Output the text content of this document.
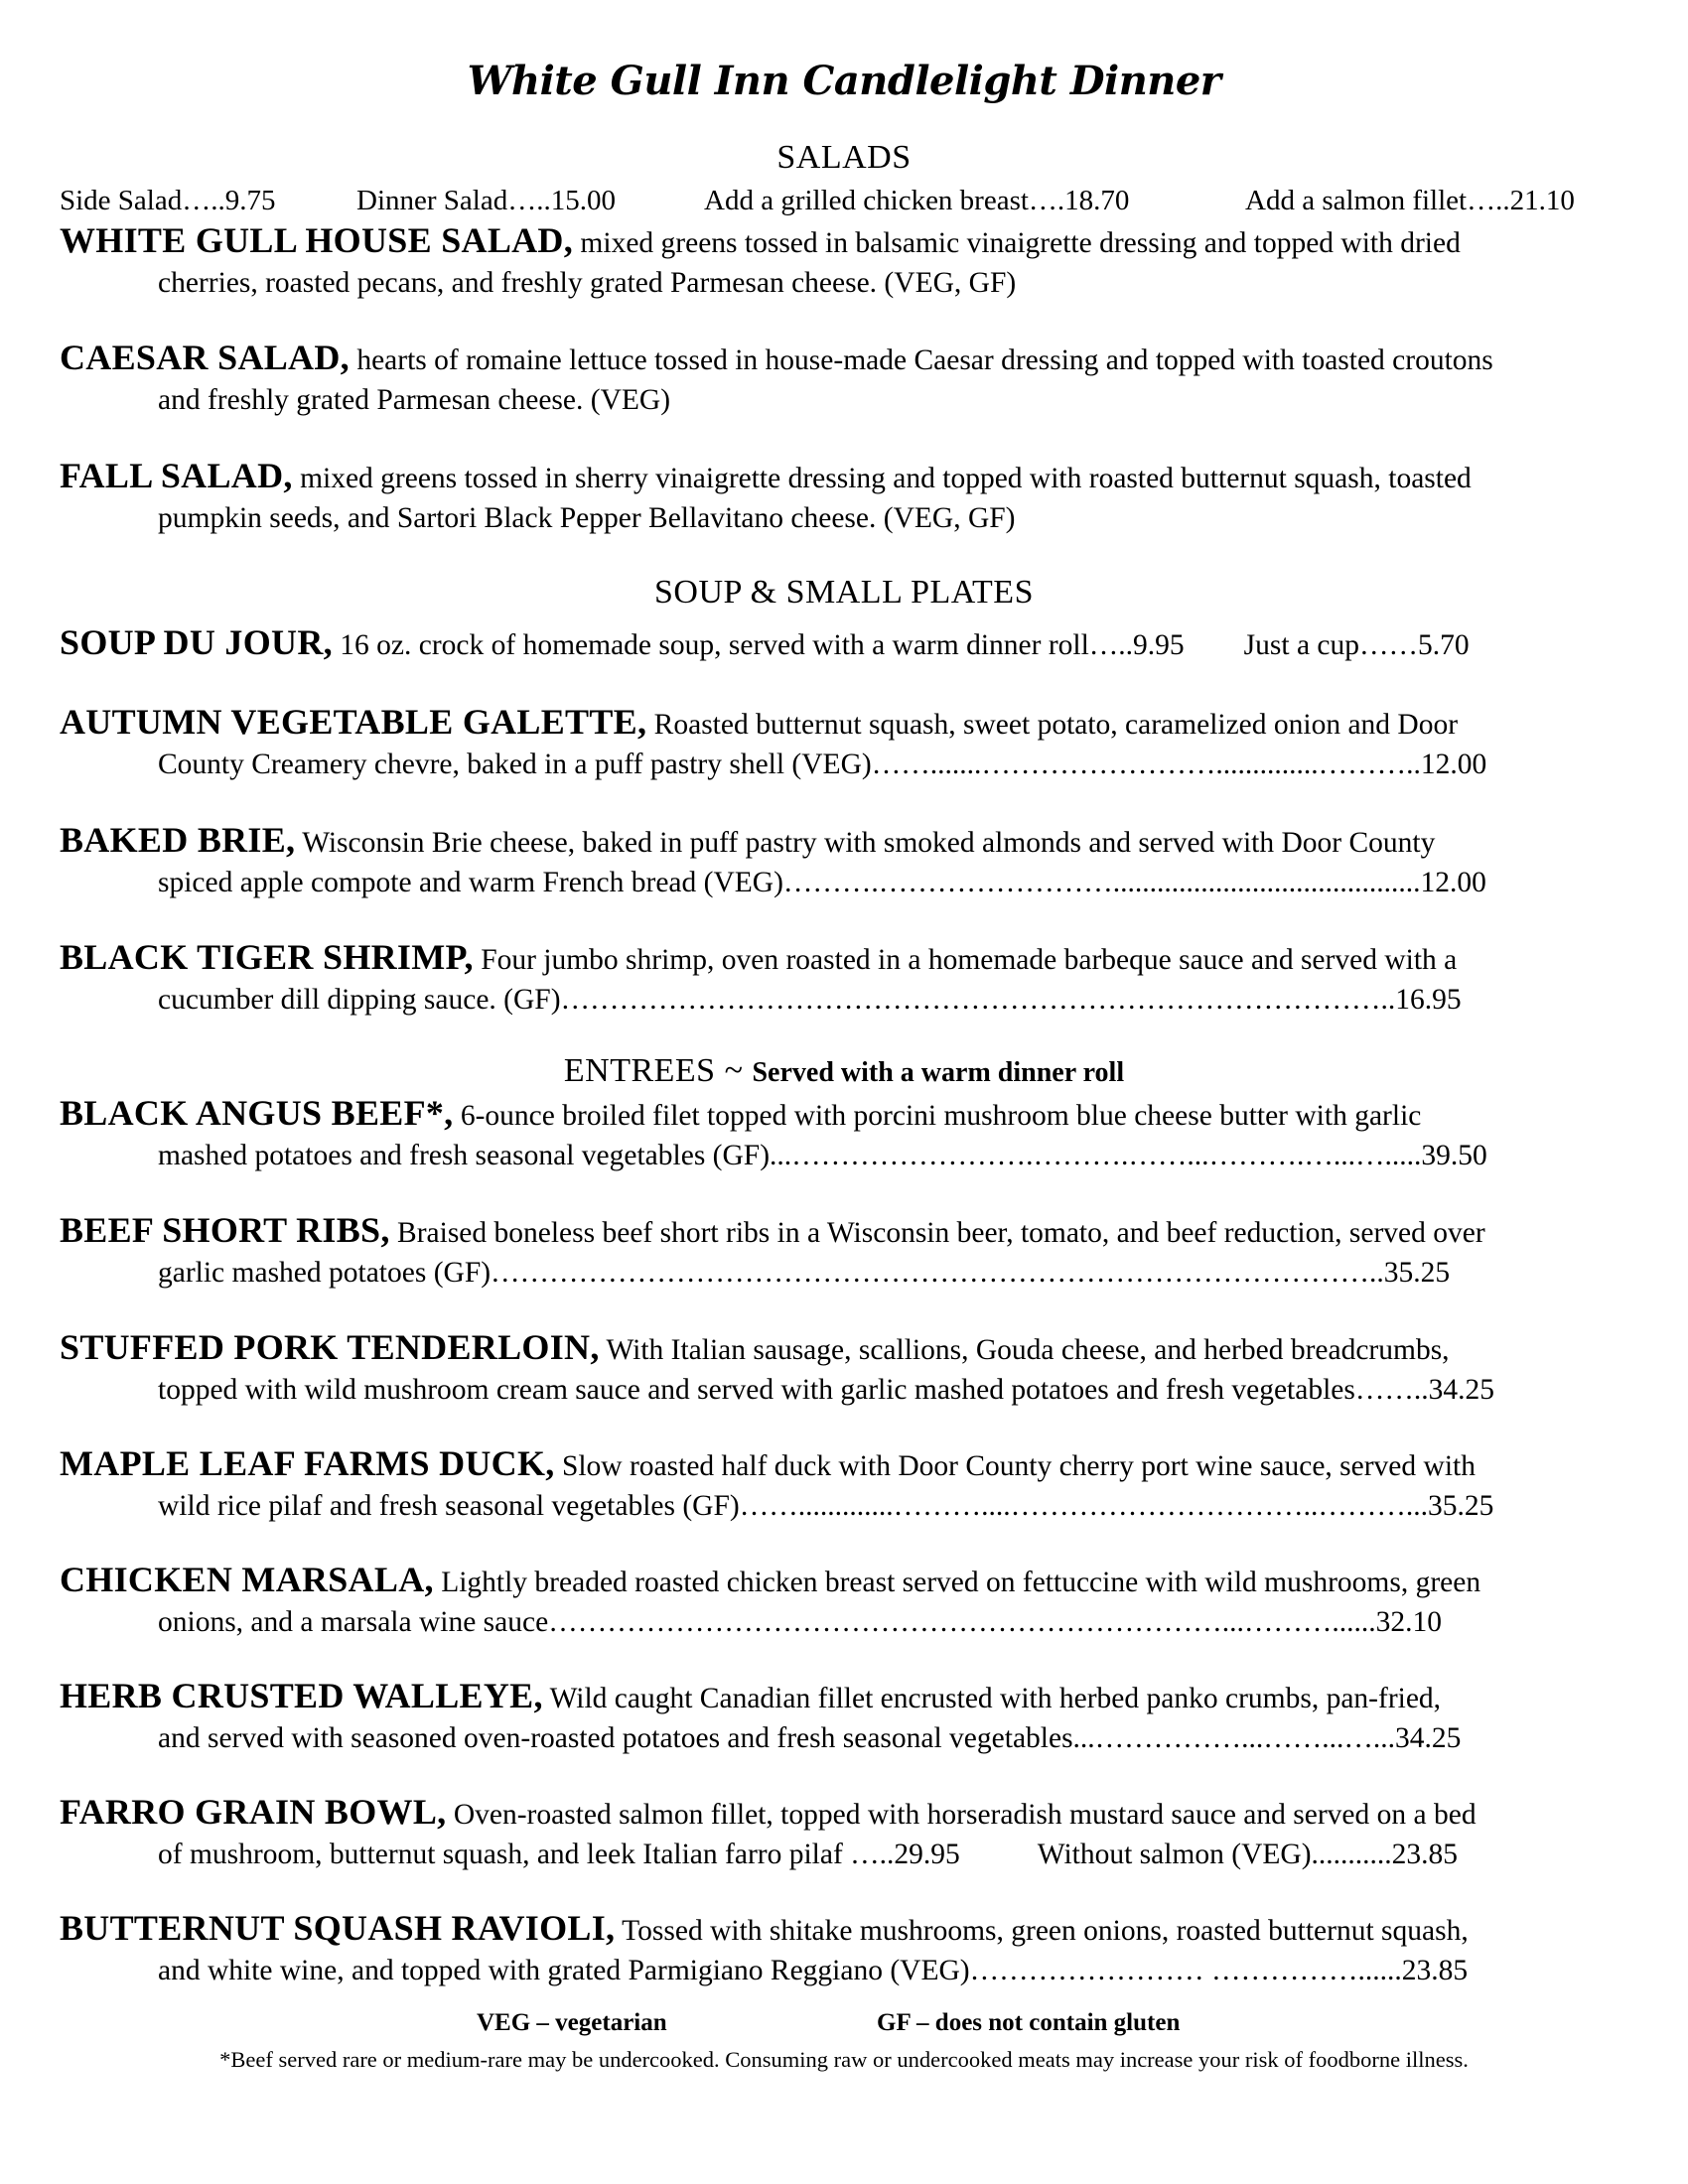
White Gull Inn Candlelight Dinner
SALADS
Side Salad…..9.75	Dinner Salad…..15.00	Add a grilled chicken breast….18.70	Add a salmon fillet…..21.10
WHITE GULL HOUSE SALAD, mixed greens tossed in balsamic vinaigrette dressing and topped with dried
cherries, roasted pecans, and freshly grated Parmesan cheese. (VEG, GF)
CAESAR SALAD, hearts of romaine lettuce tossed in house-made Caesar dressing and topped with toasted croutons
and freshly grated Parmesan cheese. (VEG)
FALL SALAD, mixed greens tossed in sherry vinaigrette dressing and topped with roasted butternut squash, toasted
pumpkin seeds, and Sartori Black Pepper Bellavitano cheese. (VEG, GF)
SOUP & SMALL PLATES
SOUP DU JOUR, 16 oz. crock of homemade soup, served with a warm dinner roll…..9.95 Just a cup……5.70
AUTUMN VEGETABLE GALETTE, Roasted butternut squash, sweet potato, caramelized onion and Door
County Creamery chevre, baked in a puff pastry shell (VEG)…….......……………………..............………..12.00
BAKED BRIE, Wisconsin Brie cheese, baked in puff pastry with smoked almonds and served with Door County
spiced apple compote and warm French bread (VEG)……….……………………..........................................12.00
BLACK TIGER SHRIMP, Four jumbo shrimp, oven roasted in a homemade barbeque sauce and served with a
cucumber dill dipping sauce. (GF)…………………………………………………………………………..16.95
ENTREES ~ Served with a warm dinner roll
BLACK ANGUS BEEF*, 6-ounce broiled filet topped with porcini mushroom blue cheese butter with garlic
mashed potatoes and fresh seasonal vegetables (GF)...…………………….……….……...……….…...….....39.50
BEEF SHORT RIBS, Braised boneless beef short ribs in a Wisconsin beer, tomato, and beef reduction, served over
garlic mashed potatoes (GF)………………………………………………………………………………..35.25
STUFFED PORK TENDERLOIN, With Italian sausage, scallions, Gouda cheese, and herbed breadcrumbs,
topped with wild mushroom cream sauce and served with garlic mashed potatoes and fresh vegetables……..34.25
MAPLE LEAF FARMS DUCK, Slow roasted half duck with Door County cherry port wine sauce, served with
wild rice pilaf and fresh seasonal vegetables (GF)…….............………....…………………………..………...35.25
CHICKEN MARSALA, Lightly breaded roasted chicken breast served on fettuccine with wild mushrooms, green
onions, and a marsala wine sauce……………………………………………………………...………......32.10
HERB CRUSTED WALLEYE, Wild caught Canadian fillet encrusted with herbed panko crumbs, pan-fried,
and served with seasoned oven-roasted potatoes and fresh seasonal vegetables...……………...……...…...34.25
FARRO GRAIN BOWL, Oven-roasted salmon fillet, topped with horseradish mustard sauce and served on a bed
of mushroom, butternut squash, and leek Italian farro pilaf …..29.95	Without salmon (VEG)...........23.85
BUTTERNUT SQUASH RAVIOLI, Tossed with shitake mushrooms, green onions, roasted butternut squash,
and white wine, and topped with grated Parmigiano Reggiano (VEG)…………………… ……………......23.85
VEG – vegetarian	GF – does not contain gluten
*Beef served rare or medium-rare may be undercooked. Consuming raw or undercooked meats may increase your risk of foodborne illness.
